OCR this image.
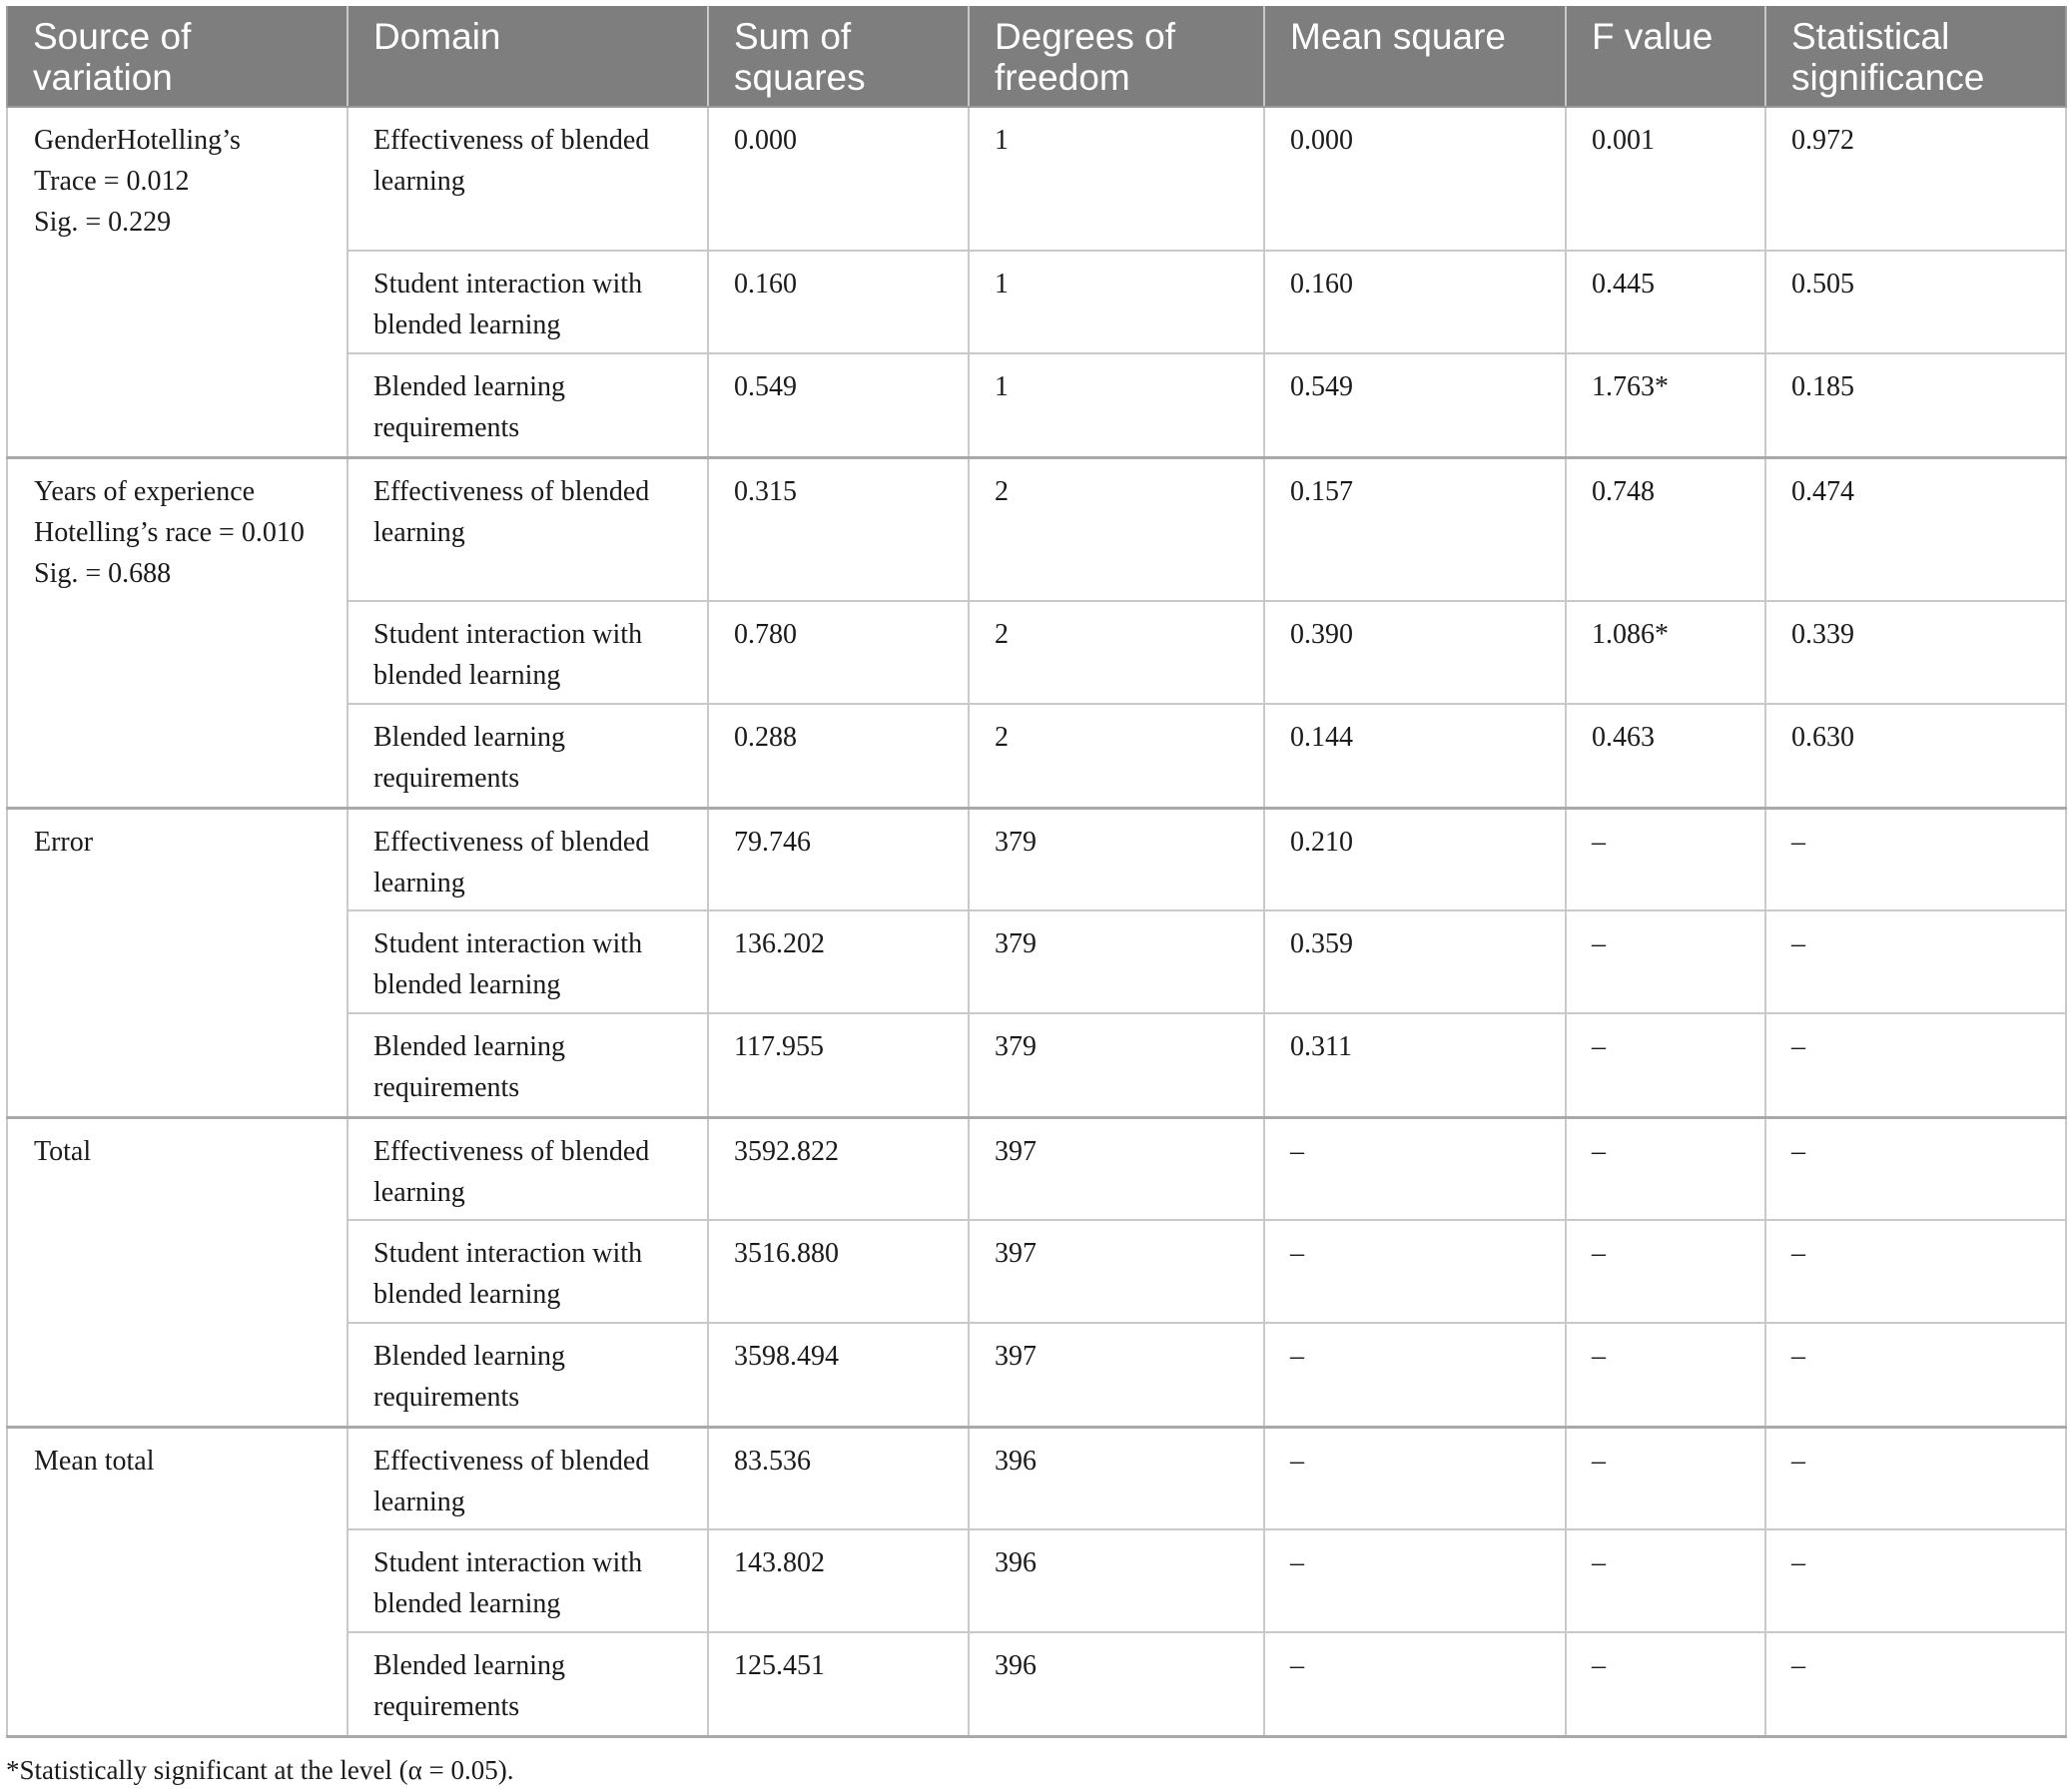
Source of variation	Domain	Sum of squares	Degrees of freedom	Mean square	F value	Statistical significance

GenderHotelling’s
Trace = 0.012
Sig. = 0.229	Effectiveness of blended
learning	0.000	1	0.000	0.001	0.972

	Student interaction with
blended learning	0.160	1	0.160	0.445	0.505

	Blended learning
requirements	0.549	1	0.549	1.763*	0.185

Years of experience
Hotelling’s race = 0.010
Sig. = 0.688	Effectiveness of blended
learning	0.315	2	0.157	0.748	0.474

	Student interaction with
blended learning	0.780	2	0.390	1.086*	0.339

	Blended learning
requirements	0.288	2	0.144	0.463	0.630

Error	Effectiveness of blended
learning	79.746	379	0.210	–	–

	Student interaction with
blended learning	136.202	379	0.359	–	–

	Blended learning
requirements	117.955	379	0.311	–	–

Total	Effectiveness of blended
learning	3592.822	397	–	–	–

	Student interaction with
blended learning	3516.880	397	–	–	–

	Blended learning
requirements	3598.494	397	–	–	–

Mean total	Effectiveness of blended
learning	83.536	396	–	–	–

	Student interaction with
blended learning	143.802	396	–	–	–

	Blended learning
requirements	125.451	396	–	–	–
*Statistically significant at the level (α = 0.05).
